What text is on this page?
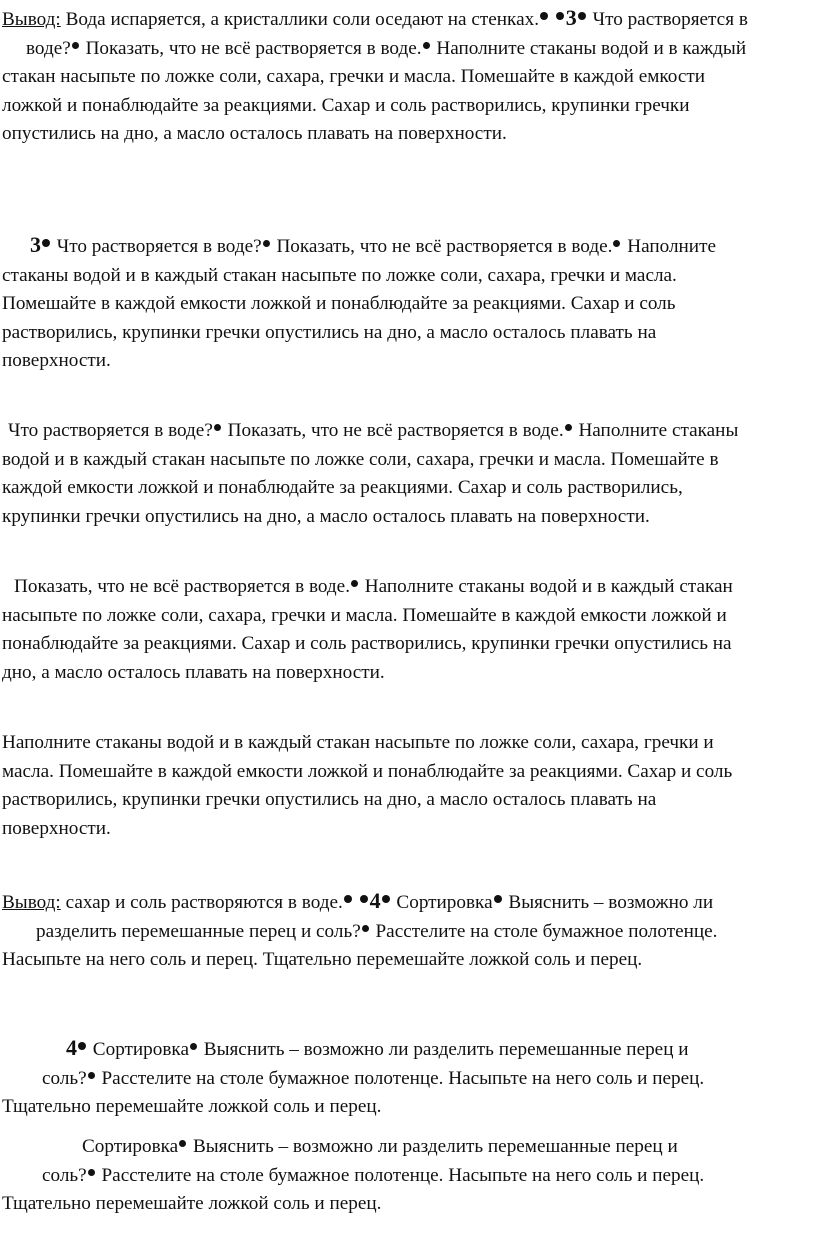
Вывод: Вода испаряется, а кристаллики соли оседают на стенках. 3 Что растворяется в
воде? Показать, что не всё растворяется в воде. Наполните стаканы водой и в каждый
стакан насыпьте по ложке соли, сахара, гречки и масла. Помешайте в каждой емкости
ложкой и понаблюдайте за реакциями. Сахар и соль растворились, крупинки гречки
опустились на дно, а масло осталось плавать на поверхности.
3 Что растворяется в воде? Показать, что не всё растворяется в воде. Наполните
стаканы водой и в каждый стакан насыпьте по ложке соли, сахара, гречки и масла.
Помешайте в каждой емкости ложкой и понаблюдайте за реакциями. Сахар и соль
растворились, крупинки гречки опустились на дно, а масло осталось плавать на
поверхности.
Что растворяется в воде? Показать, что не всё растворяется в воде. Наполните стаканы
водой и в каждый стакан насыпьте по ложке соли, сахара, гречки и масла. Помешайте в
каждой емкости ложкой и понаблюдайте за реакциями. Сахар и соль растворились,
крупинки гречки опустились на дно, а масло осталось плавать на поверхности.
Показать, что не всё растворяется в воде. Наполните стаканы водой и в каждый стакан
насыпьте по ложке соли, сахара, гречки и масла. Помешайте в каждой емкости ложкой и
понаблюдайте за реакциями. Сахар и соль растворились, крупинки гречки опустились на
дно, а масло осталось плавать на поверхности.
Наполните стаканы водой и в каждый стакан насыпьте по ложке соли, сахара, гречки и
масла. Помешайте в каждой емкости ложкой и понаблюдайте за реакциями. Сахар и соль
растворились, крупинки гречки опустились на дно, а масло осталось плавать на
поверхности.
Вывод: сахар и соль растворяются в воде. 4 Сортировка Выяснить – возможно ли
разделить перемешанные перец и соль? Расстелите на столе бумажное полотенце.
Насыпьте на него соль и перец. Тщательно перемешайте ложкой соль и перец.
4 Сортировка Выяснить – возможно ли разделить перемешанные перец и
соль? Расстелите на столе бумажное полотенце. Насыпьте на него соль и перец.
Тщательно перемешайте ложкой соль и перец.
Сортировка Выяснить – возможно ли разделить перемешанные перец и
соль? Расстелите на столе бумажное полотенце. Насыпьте на него соль и перец.
Тщательно перемешайте ложкой соль и перец.
